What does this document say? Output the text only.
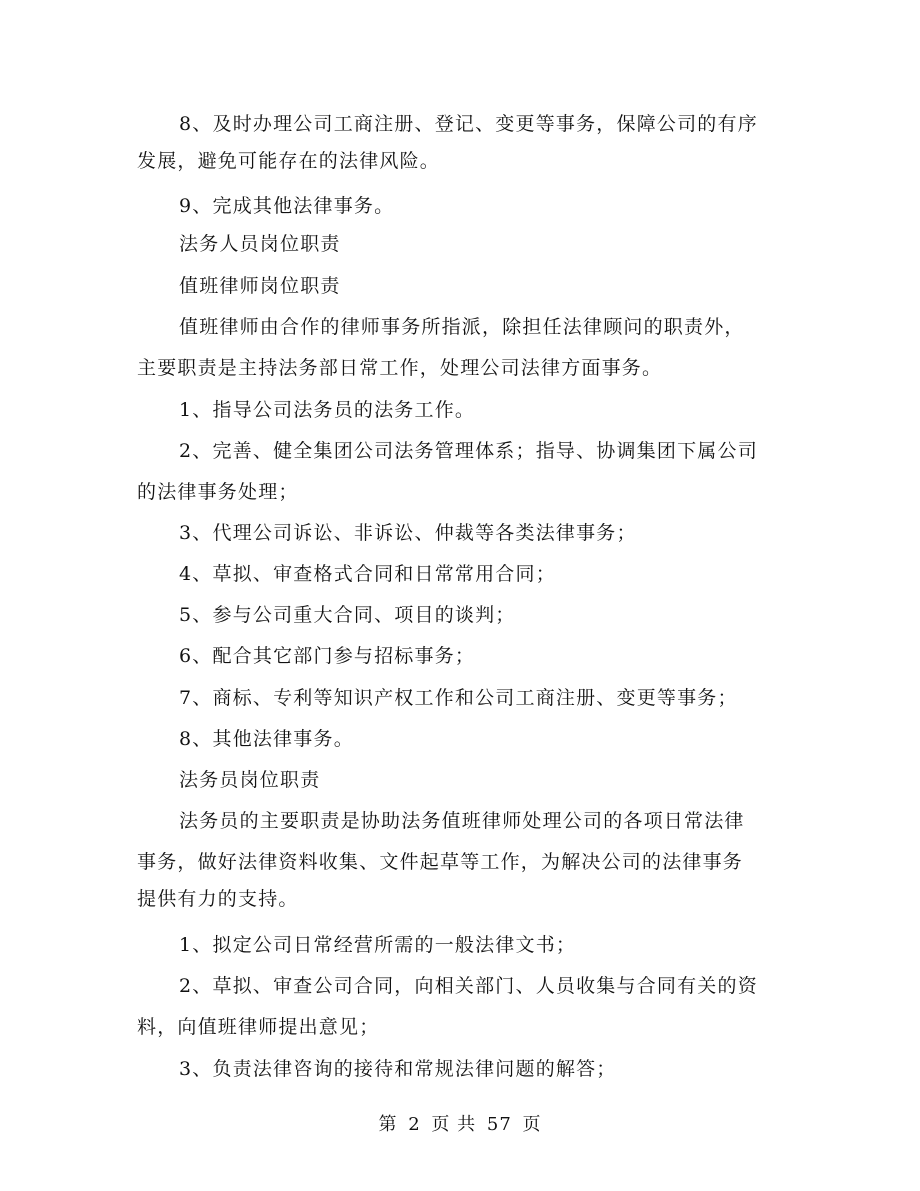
8、及时办理公司工商注册、登记、变更等事务，保障公司的有序
发展，避免可能存在的法律风险。
9、完成其他法律事务。
法务人员岗位职责
值班律师岗位职责
值班律师由合作的律师事务所指派，除担任法律顾问的职责外，
主要职责是主持法务部日常工作，处理公司法律方面事务。
1、指导公司法务员的法务工作。
2、完善、健全集团公司法务管理体系；指导、协调集团下属公司
的法律事务处理；
3、代理公司诉讼、非诉讼、仲裁等各类法律事务；
4、草拟、审查格式合同和日常常用合同；
5、参与公司重大合同、项目的谈判；
6、配合其它部门参与招标事务；
7、商标、专利等知识产权工作和公司工商注册、变更等事务；
8、其他法律事务。
法务员岗位职责
法务员的主要职责是协助法务值班律师处理公司的各项日常法律
事务，做好法律资料收集、文件起草等工作，为解决公司的法律事务
提供有力的支持。
1、拟定公司日常经营所需的一般法律文书；
2、草拟、审查公司合同，向相关部门、人员收集与合同有关的资
料，向值班律师提出意见；
3、负责法律咨询的接待和常规法律问题的解答；
第 2 页 共 57 页
